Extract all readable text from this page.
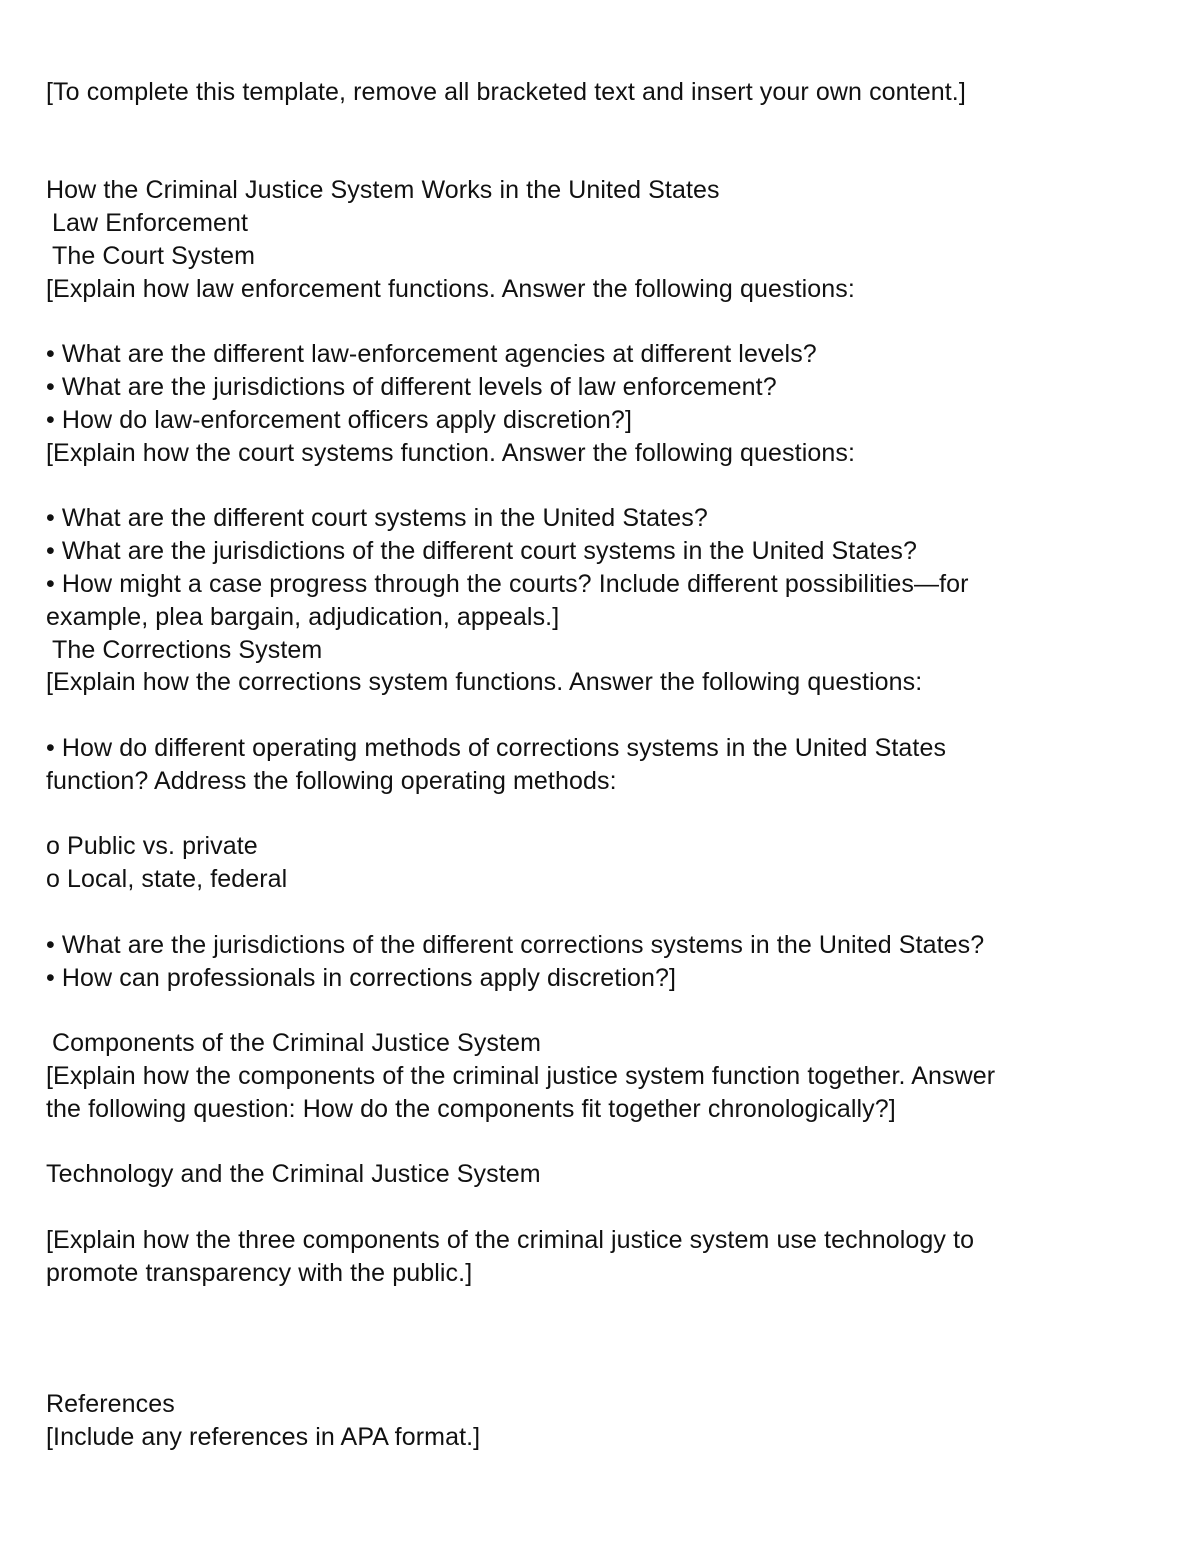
[To complete this template, remove all bracketed text and insert your own content.]
How the Criminal Justice System Works in the United States
Law Enforcement
The Court System
[Explain how law enforcement functions. Answer the following questions:
• What are the different law-enforcement agencies at different levels?
• What are the jurisdictions of different levels of law enforcement?
• How do law-enforcement officers apply discretion?]
[Explain how the court systems function. Answer the following questions:
• What are the different court systems in the United States?
• What are the jurisdictions of the different court systems in the United States?
• How might a case progress through the courts? Include different possibilities—for
example, plea bargain, adjudication, appeals.]
The Corrections System
[Explain how the corrections system functions. Answer the following questions:
• How do different operating methods of corrections systems in the United States
function? Address the following operating methods:
o Public vs. private
o Local, state, federal
• What are the jurisdictions of the different corrections systems in the United States?
• How can professionals in corrections apply discretion?]
Components of the Criminal Justice System
[Explain how the components of the criminal justice system function together. Answer
the following question: How do the components fit together chronologically?]
Technology and the Criminal Justice System
[Explain how the three components of the criminal justice system use technology to
promote transparency with the public.]
References
[Include any references in APA format.]
